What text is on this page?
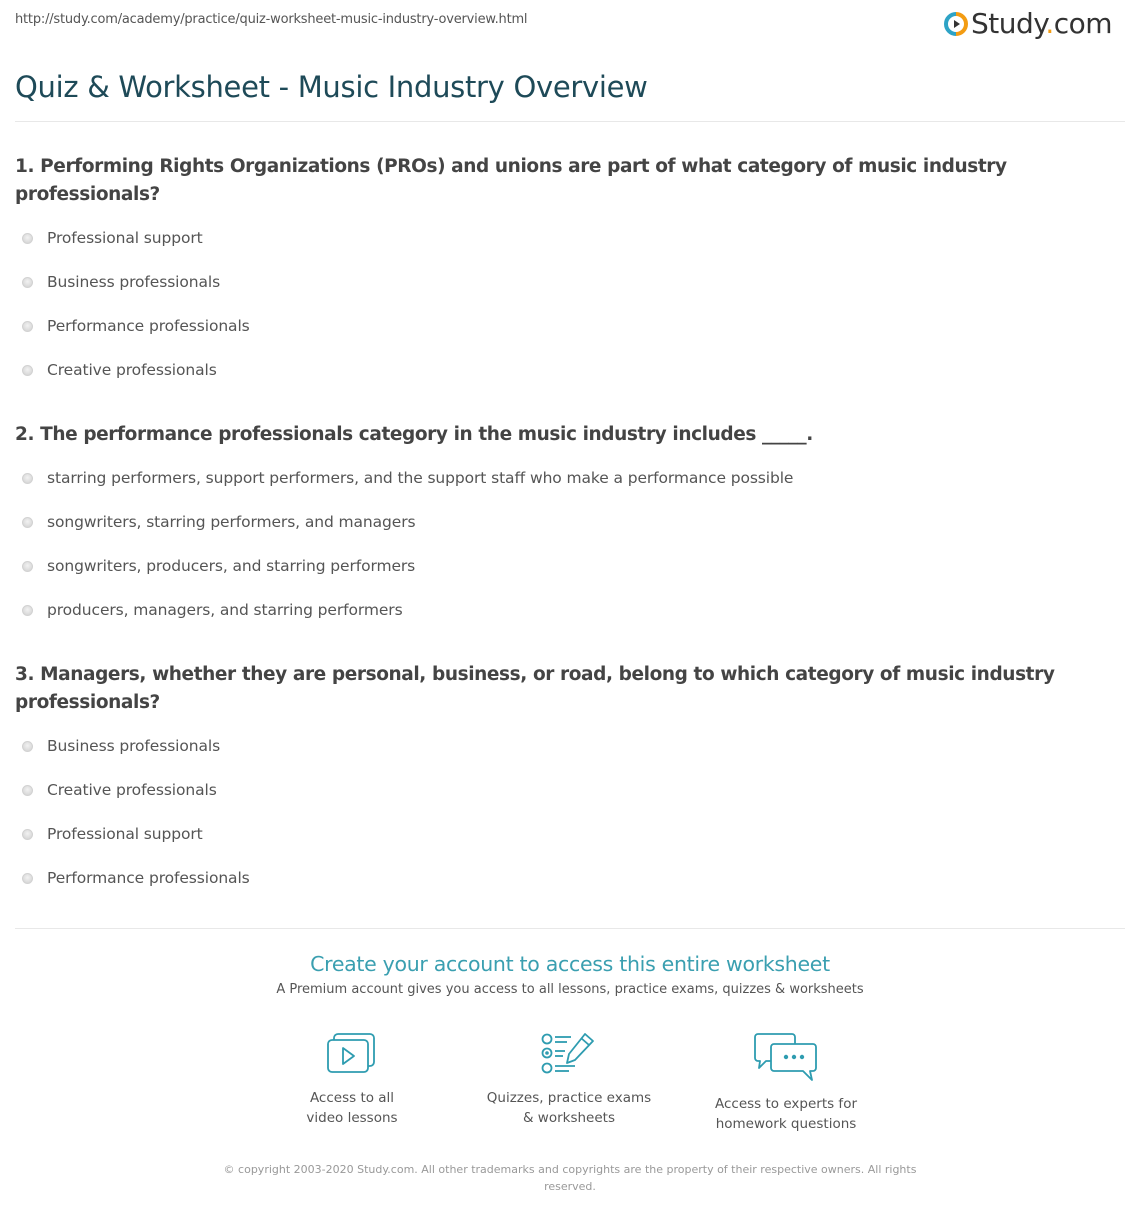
http://study.com/academy/practice/quiz-worksheet-music-industry-overview.html	Study.com
Quiz & Worksheet - Music Industry Overview
1. Performing Rights Organizations (PROs) and unions are part of what category of music industry professionals?
Professional support
Business professionals
Performance professionals
Creative professionals
2. The performance professionals category in the music industry includes _____.
starring performers, support performers, and the support staff who make a performance possible
songwriters, starring performers, and managers
songwriters, producers, and starring performers
producers, managers, and starring performers
3. Managers, whether they are personal, business, or road, belong to which category of music industry professionals?
Business professionals
Creative professionals
Professional support
Performance professionals
Create your account to access this entire worksheet
A Premium account gives you access to all lessons, practice exams, quizzes & worksheets
Access to all
video lessons
Quizzes, practice exams
& worksheets
Access to experts for
homework questions
© copyright 2003-2020 Study.com. All other trademarks and copyrights are the property of their respective owners. All rights reserved.
